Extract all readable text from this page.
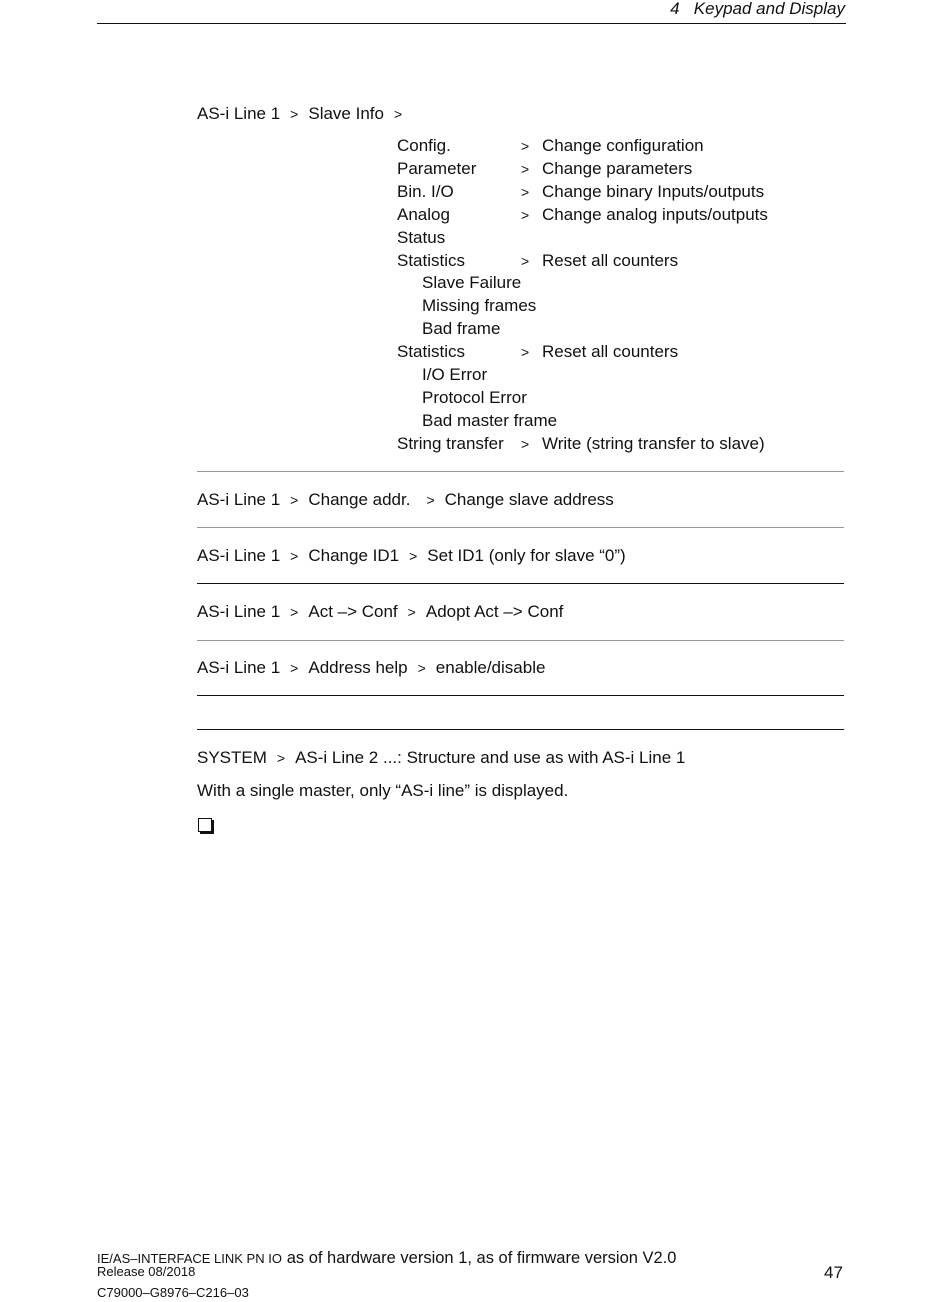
4 Keypad and Display
AS-i Line 1 > Slave Info >
Config.	> Change configuration
Parameter	> Change parameters
Bin. I/O	> Change binary Inputs/outputs
Analog	> Change analog inputs/outputs
Status
Statistics	> Reset all counters
Slave Failure
Missing frames
Bad frame
Statistics	> Reset all counters
I/O Error
Protocol Error
Bad master frame
String transfer > Write (string transfer to slave)
AS-i Line 1 > Change addr. > Change slave address
AS-i Line 1 > Change ID1 > Set ID1 (only for slave “0”)
AS-i Line 1 > Act –> Conf > Adopt Act –> Conf
AS-i Line 1 > Address help > enable/disable
SYSTEM > AS-i Line 2 ...: Structure and use as with AS-i Line 1
With a single master, only “AS-i line” is displayed.
IE/AS–INTERFACE LINK PN IO as of hardware version 1, as of firmware version V2.0
Release 08/2018
C79000–G8976–C216–03
47
